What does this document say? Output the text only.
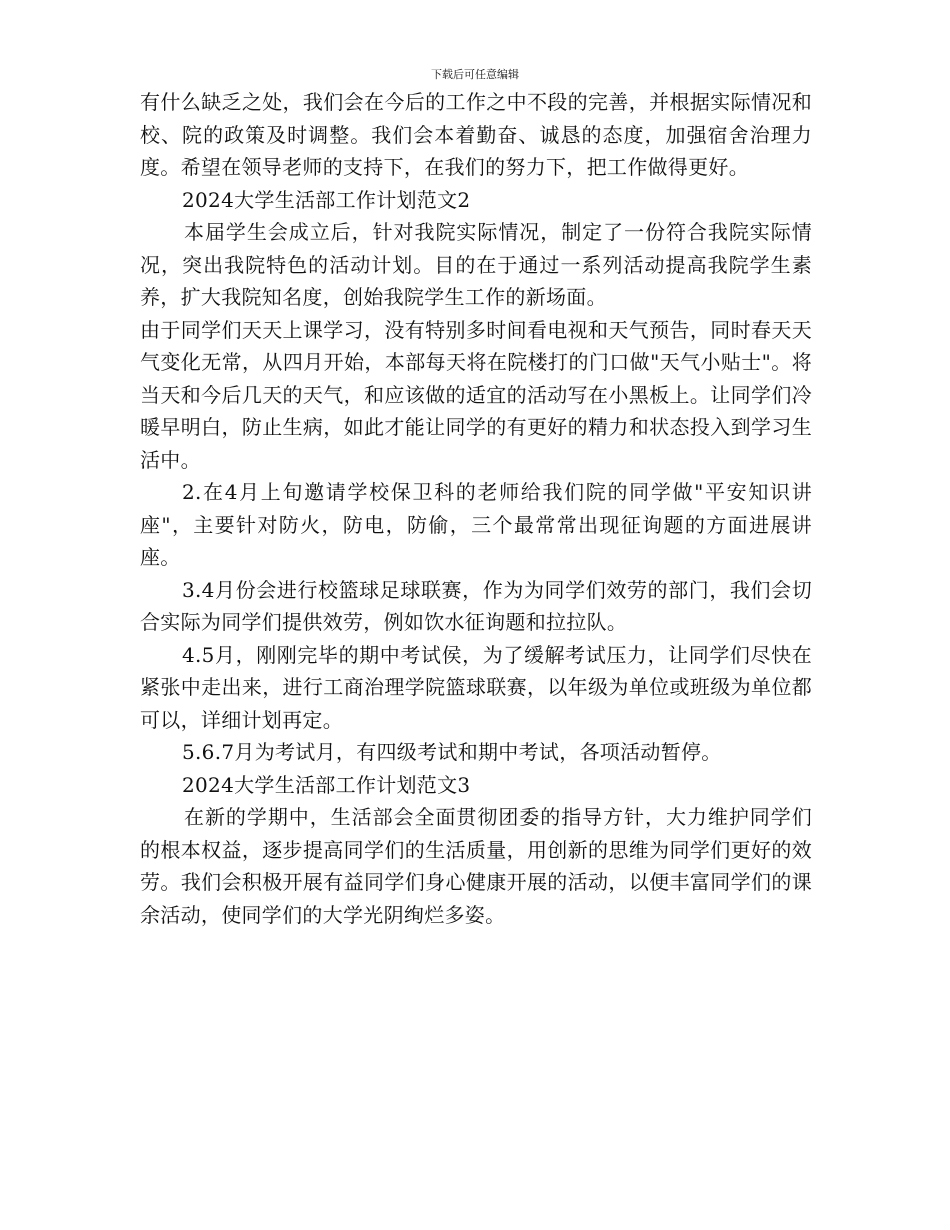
下载后可任意编辑

有什么缺乏之处，我们会在今后的工作之中不段的完善，并根据实际情况和校、院的政策及时调整。我们会本着勤奋、诚恳的态度，加强宿舍治理力度。希望在领导老师的支持下，在我们的努力下，把工作做得更好。

2024大学生活部工作计划范文2

本届学生会成立后，针对我院实际情况，制定了一份符合我院实际情况，突出我院特色的活动计划。目的在于通过一系列活动提高我院学生素养，扩大我院知名度，创始我院学生工作的新场面。

由于同学们天天上课学习，没有特别多时间看电视和天气预告，同时春天天气变化无常，从四月开始，本部每天将在院楼打的门口做"天气小贴士"。将当天和今后几天的天气，和应该做的适宜的活动写在小黑板上。让同学们冷暖早明白，防止生病，如此才能让同学的有更好的精力和状态投入到学习生活中。

2.在4月上旬邀请学校保卫科的老师给我们院的同学做"平安知识讲座"，主要针对防火，防电，防偷，三个最常常出现征询题的方面进展讲座。

3.4月份会进行校篮球足球联赛，作为为同学们效劳的部门，我们会切合实际为同学们提供效劳，例如饮水征询题和拉拉队。

4.5月，刚刚完毕的期中考试侯，为了缓解考试压力，让同学们尽快在紧张中走出来，进行工商治理学院篮球联赛，以年级为单位或班级为单位都可以，详细计划再定。

5.6.7月为考试月，有四级考试和期中考试，各项活动暂停。

2024大学生活部工作计划范文3

在新的学期中，生活部会全面贯彻团委的指导方针，大力维护同学们的根本权益，逐步提高同学们的生活质量，用创新的思维为同学们更好的效劳。我们会积极开展有益同学们身心健康开展的活动，以便丰富同学们的课余活动，使同学们的大学光阴绚烂多姿。
